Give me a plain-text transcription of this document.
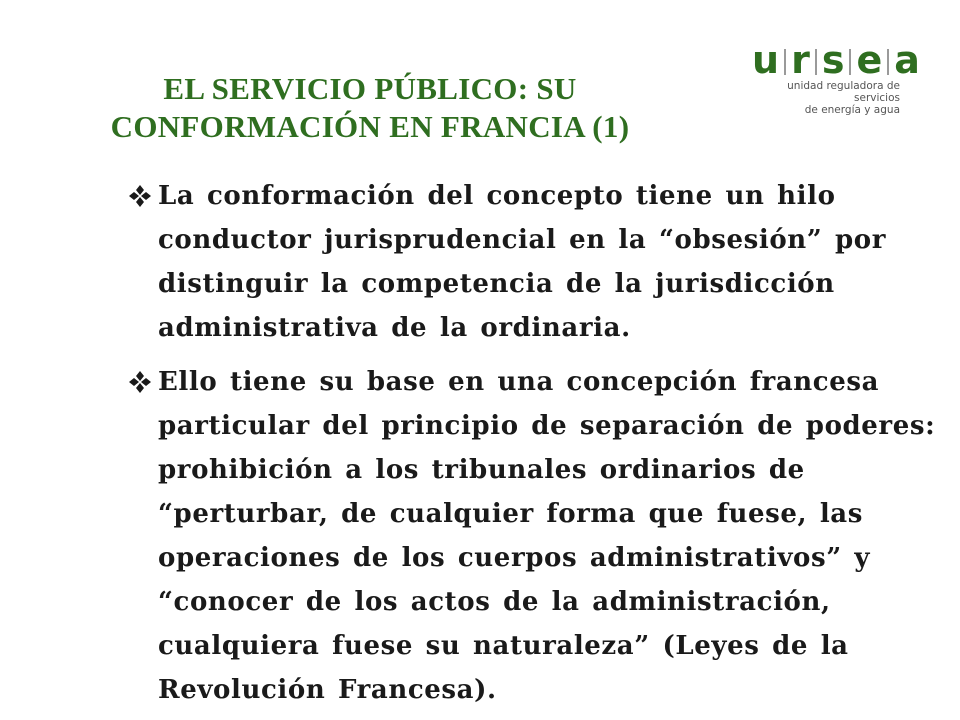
EL SERVICIO PÚBLICO: SU
CONFORMACIÓN EN FRANCIA (1)
u r s e a
unidad reguladora de servicios
de energía y agua
La conformación del concepto tiene un hilo conductor jurisprudencial en la “obsesión” por distinguir la competencia de la jurisdicción administrativa de la ordinaria.
Ello tiene su base en una concepción francesa particular del principio de separación de poderes: prohibición a los tribunales ordinarios de “perturbar, de cualquier forma que fuese, las operaciones de los cuerpos administrativos” y “conocer de los actos de la administración, cualquiera fuese su naturaleza” (Leyes de la Revolución Francesa).
